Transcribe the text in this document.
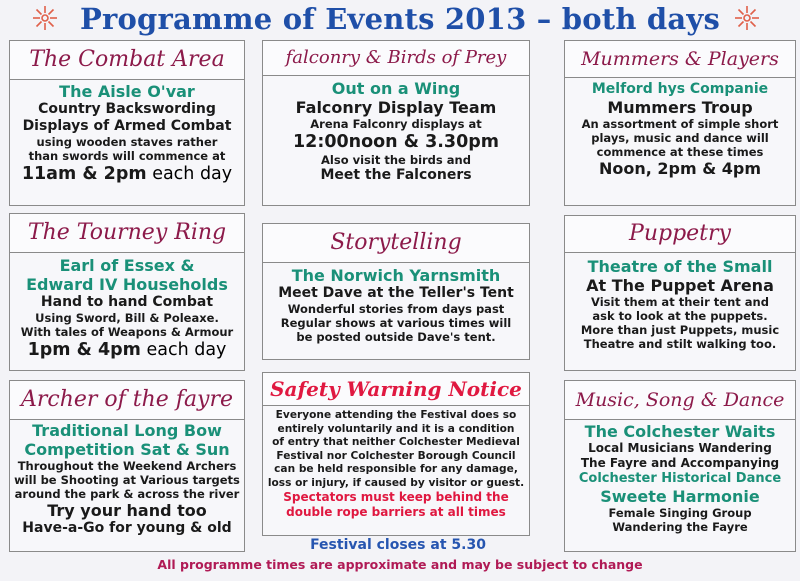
Programme of Events 2013 – both days
The Combat Area
The Aisle O'var
Country Backswording
Displays of Armed Combat
using wooden staves rather
than swords will commence at
11am & 2pm each day
The Tourney Ring
Earl of Essex &
Edward IV Households
Hand to hand Combat
Using Sword, Bill & Poleaxe.
With tales of Weapons & Armour
1pm & 4pm each day
Archer of the fayre
Traditional Long Bow
Competition Sat & Sun
Throughout the Weekend Archers
will be Shooting at Various targets
around the park & across the river
Try your hand too
Have-a-Go for young & old
falconry & Birds of Prey
Out on a Wing
Falconry Display Team
Arena Falconry displays at
12:00noon & 3.30pm
Also visit the birds and
Meet the Falconers
Storytelling
The Norwich Yarnsmith
Meet Dave at the Teller's Tent
Wonderful stories from days past
Regular shows at various times will
be posted outside Dave's tent.
Safety Warning Notice
Everyone attending the Festival does so
entirely voluntarily and it is a condition
of entry that neither Colchester Medieval
Festival nor Colchester Borough Council
can be held responsible for any damage,
loss or injury, if caused by visitor or guest.
Spectators must keep behind the
double rope barriers at all times
Festival closes at 5.30
Mummers & Players
Melford hys Companie
Mummers Troup
An assortment of simple short
plays, music and dance will
commence at these times
Noon, 2pm & 4pm
Puppetry
Theatre of the Small
At The Puppet Arena
Visit them at their tent and
ask to look at the puppets.
More than just Puppets, music
Theatre and stilt walking too.
Music, Song & Dance
The Colchester Waits
Local Musicians Wandering
The Fayre and Accompanying
Colchester Historical Dance
Sweete Harmonie
Female Singing Group
Wandering the Fayre
All programme times are approximate and may be subject to change
